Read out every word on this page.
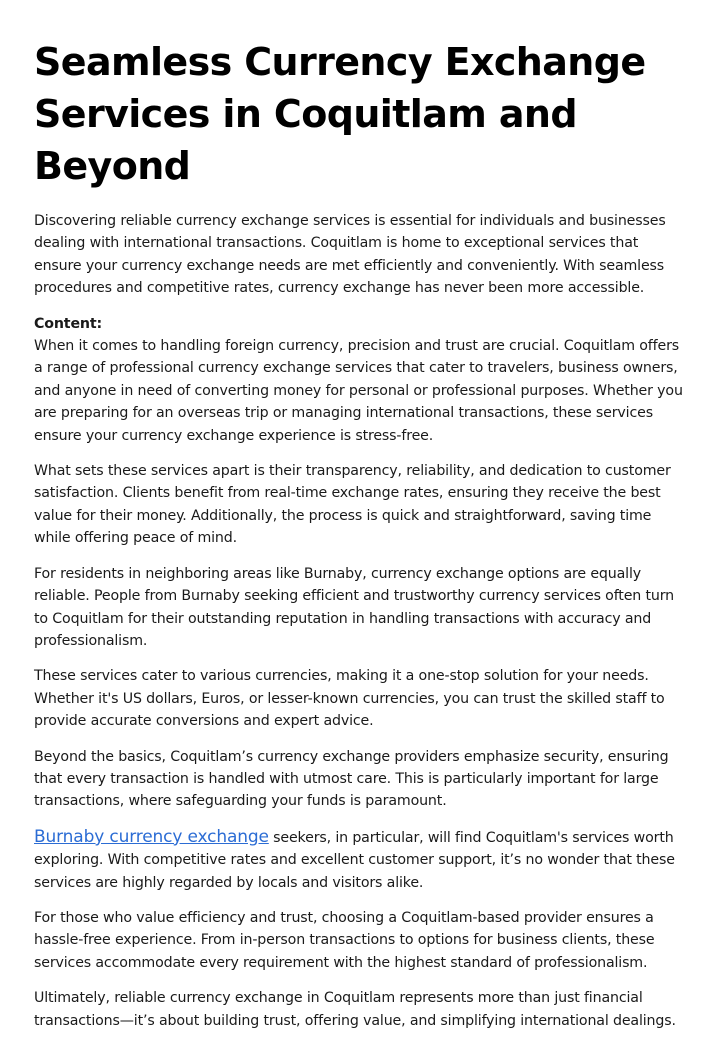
Seamless Currency Exchange Services in Coquitlam and Beyond

Discovering reliable currency exchange services is essential for individuals and businesses dealing with international transactions. Coquitlam is home to exceptional services that ensure your currency exchange needs are met efficiently and conveniently. With seamless procedures and competitive rates, currency exchange has never been more accessible.

Content:
When it comes to handling foreign currency, precision and trust are crucial. Coquitlam offers a range of professional currency exchange services that cater to travelers, business owners, and anyone in need of converting money for personal or professional purposes. Whether you are preparing for an overseas trip or managing international transactions, these services ensure your currency exchange experience is stress-free.

What sets these services apart is their transparency, reliability, and dedication to customer satisfaction. Clients benefit from real-time exchange rates, ensuring they receive the best value for their money. Additionally, the process is quick and straightforward, saving time while offering peace of mind.

For residents in neighboring areas like Burnaby, currency exchange options are equally reliable. People from Burnaby seeking efficient and trustworthy currency services often turn to Coquitlam for their outstanding reputation in handling transactions with accuracy and professionalism.

These services cater to various currencies, making it a one-stop solution for your needs. Whether it's US dollars, Euros, or lesser-known currencies, you can trust the skilled staff to provide accurate conversions and expert advice.

Beyond the basics, Coquitlam’s currency exchange providers emphasize security, ensuring that every transaction is handled with utmost care. This is particularly important for large transactions, where safeguarding your funds is paramount.

Burnaby currency exchange seekers, in particular, will find Coquitlam's services worth exploring. With competitive rates and excellent customer support, it’s no wonder that these services are highly regarded by locals and visitors alike.

For those who value efficiency and trust, choosing a Coquitlam-based provider ensures a hassle-free experience. From in-person transactions to options for business clients, these services accommodate every requirement with the highest standard of professionalism.

Ultimately, reliable currency exchange in Coquitlam represents more than just financial transactions—it’s about building trust, offering value, and simplifying international dealings.
